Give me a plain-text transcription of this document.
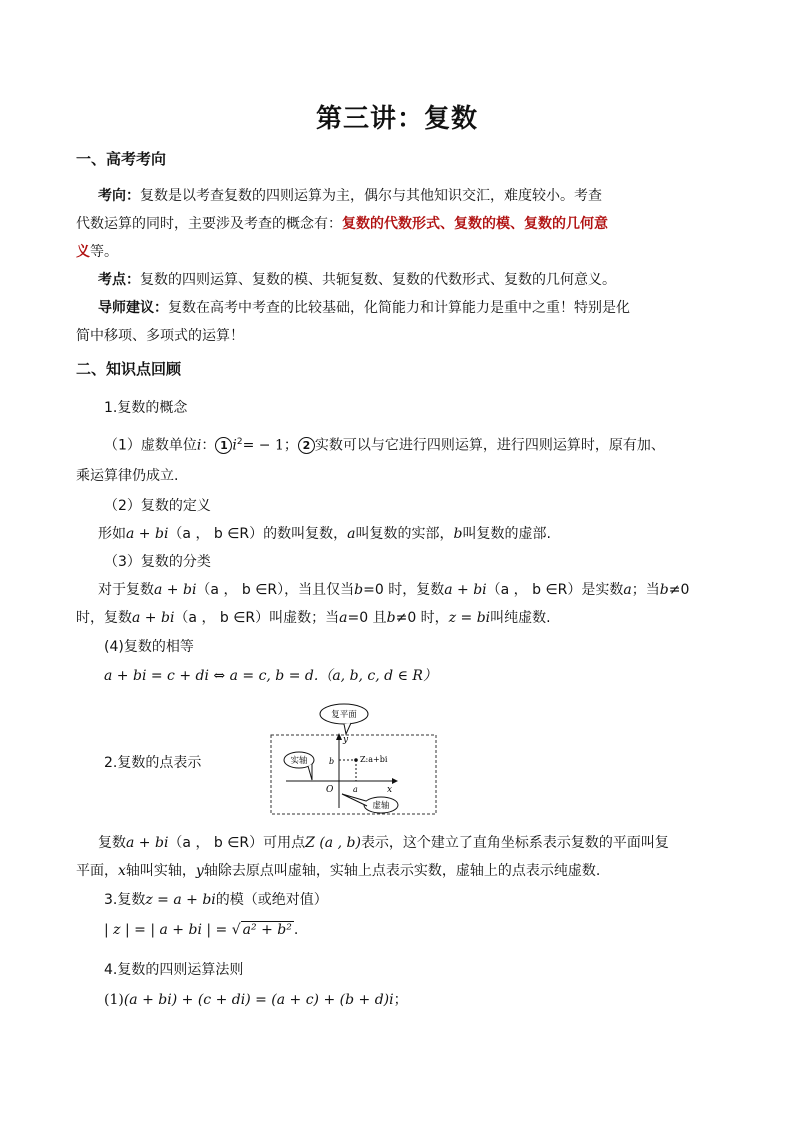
第三讲：复数
一、高考考向
考向：复数是以考查复数的四则运算为主，偶尔与其他知识交汇，难度较小。考查
代数运算的同时，主要涉及考查的概念有：复数的代数形式、复数的模、复数的几何意
义等。
考点：复数的四则运算、复数的模、共轭复数、复数的代数形式、复数的几何意义。
导师建议：复数在高考中考查的比较基础，化简能力和计算能力是重中之重！特别是化
简中移项、多项式的运算！
二、知识点回顾
1.复数的概念
（1）虚数单位i： 1 $i^2= - 1$； 2 实数可以与它进行四则运算，进行四则运算时，原有加、
乘运算律仍成立.
（2）复数的定义
形如a + bi（a ， b ∈R）的数叫复数，a叫复数的实部，b叫复数的虚部.
（3）复数的分类
对于复数a + bi（a ， b ∈R），当且仅当b=0 时，复数a + bi（a ， b ∈R）是实数a；当b≠0
时，复数a + bi（a ， b ∈R）叫虚数；当a=0 且b≠0 时，z = bi叫纯虚数.
(4)复数的相等
a + bi = c + di ⇔ a = c, b = d.（a, b, c, d ∈ R）
2.复数的点表示	Z:a+bi
y
x
O
b
a
复平面
实轴
虚轴
复数a + bi（a ， b ∈R）可用点Z (a , b)表示，这个建立了直角坐标系表示复数的平面叫复
平面，x轴叫实轴，y轴除去原点叫虚轴，实轴上点表示实数，虚轴上的点表示纯虚数.
3.复数z = a + bi的模（或绝对值）
| z | = | a + bi | = √ a² + b² .
4.复数的四则运算法则
(1)(a + bi) + (c + di) = (a + c) + (b + d)i；
